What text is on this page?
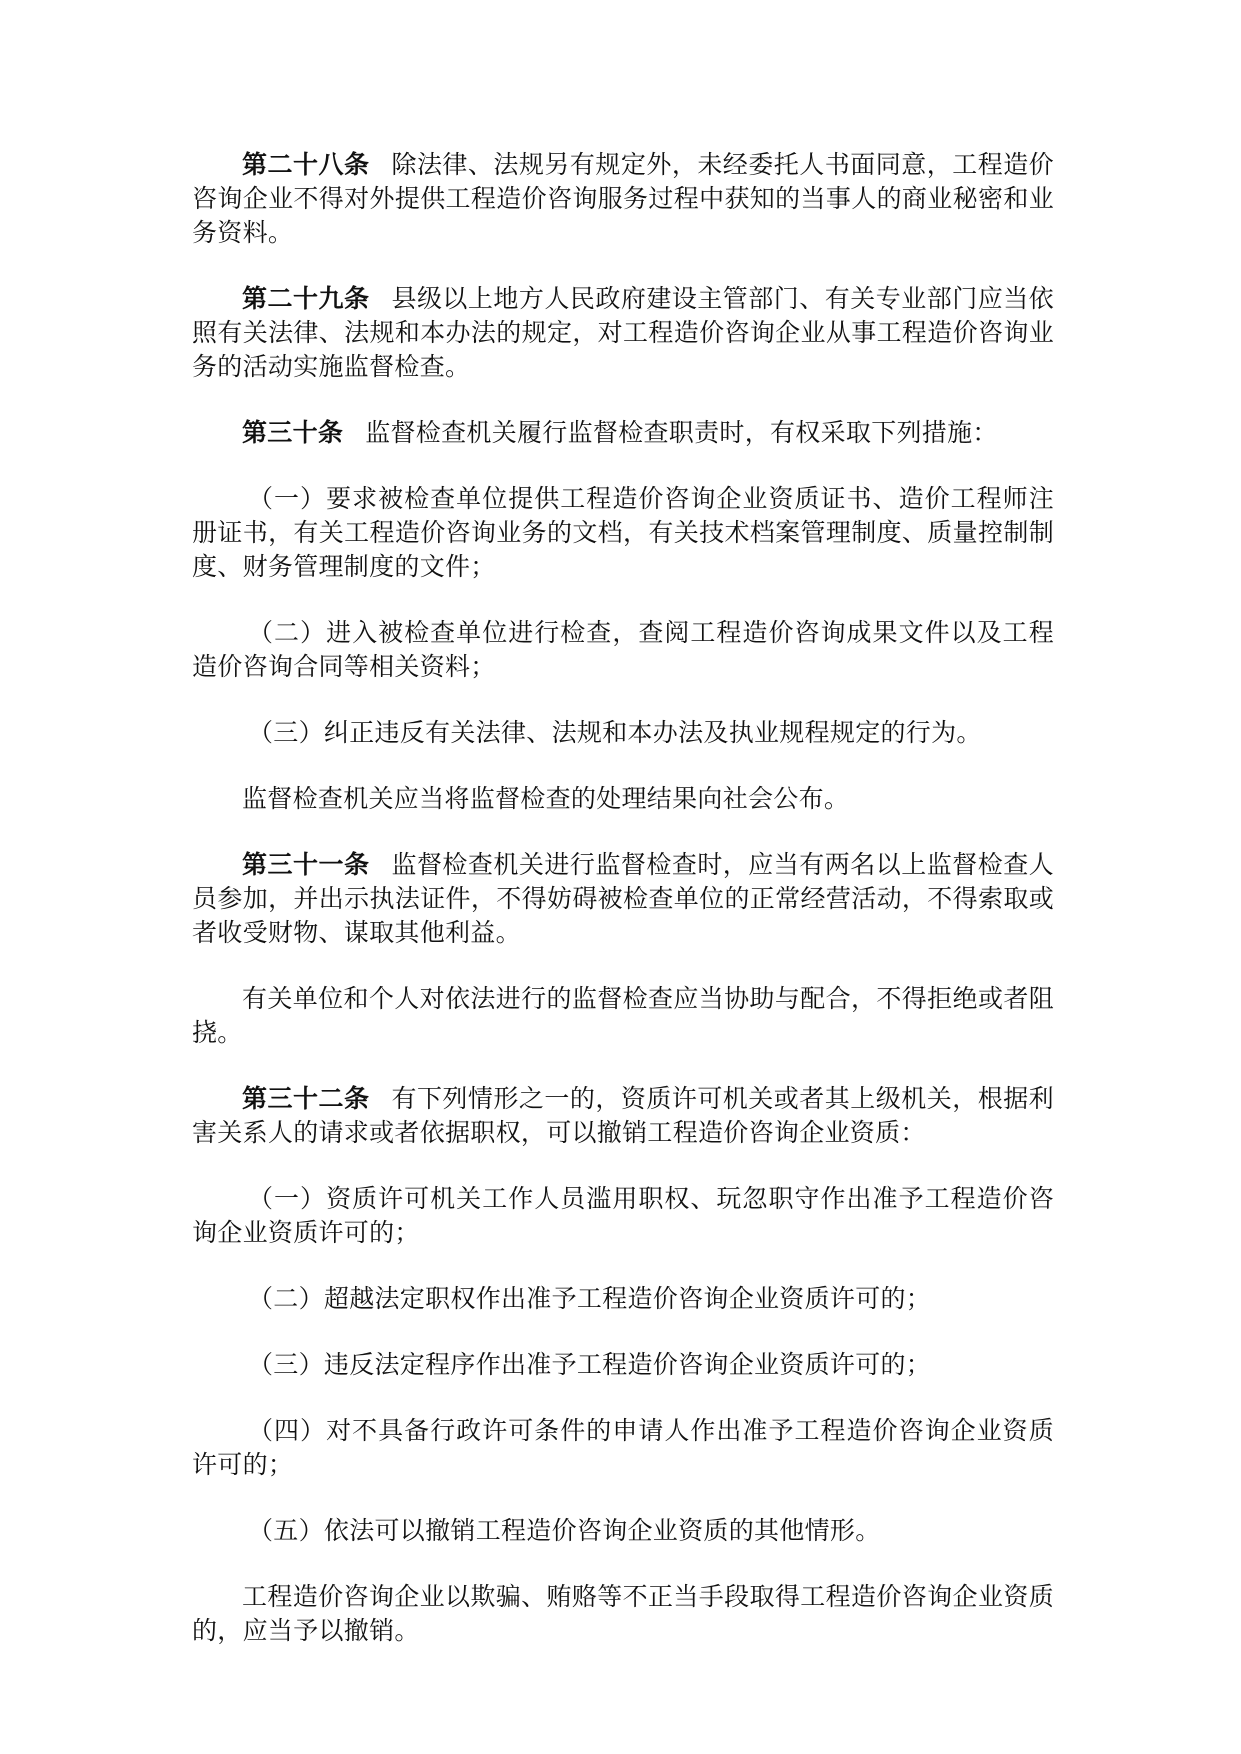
第二十八条 除法律、法规另有规定外，未经委托人书面同意，工程造价咨询企业不得对外提供工程造价咨询服务过程中获知的当事人的商业秘密和业务资料。

第二十九条 县级以上地方人民政府建设主管部门、有关专业部门应当依照有关法律、法规和本办法的规定，对工程造价咨询企业从事工程造价咨询业务的活动实施监督检查。

第三十条 监督检查机关履行监督检查职责时，有权采取下列措施：

（一）要求被检查单位提供工程造价咨询企业资质证书、造价工程师注册证书，有关工程造价咨询业务的文档，有关技术档案管理制度、质量控制制度、财务管理制度的文件；

（二）进入被检查单位进行检查，查阅工程造价咨询成果文件以及工程造价咨询合同等相关资料；

（三）纠正违反有关法律、法规和本办法及执业规程规定的行为。

监督检查机关应当将监督检查的处理结果向社会公布。

第三十一条 监督检查机关进行监督检查时，应当有两名以上监督检查人员参加，并出示执法证件，不得妨碍被检查单位的正常经营活动，不得索取或者收受财物、谋取其他利益。

有关单位和个人对依法进行的监督检查应当协助与配合，不得拒绝或者阻挠。

第三十二条 有下列情形之一的，资质许可机关或者其上级机关，根据利害关系人的请求或者依据职权，可以撤销工程造价咨询企业资质：

（一）资质许可机关工作人员滥用职权、玩忽职守作出准予工程造价咨询企业资质许可的；

（二）超越法定职权作出准予工程造价咨询企业资质许可的；

（三）违反法定程序作出准予工程造价咨询企业资质许可的；

（四）对不具备行政许可条件的申请人作出准予工程造价咨询企业资质许可的；

（五）依法可以撤销工程造价咨询企业资质的其他情形。

工程造价咨询企业以欺骗、贿赂等不正当手段取得工程造价咨询企业资质的，应当予以撤销。
